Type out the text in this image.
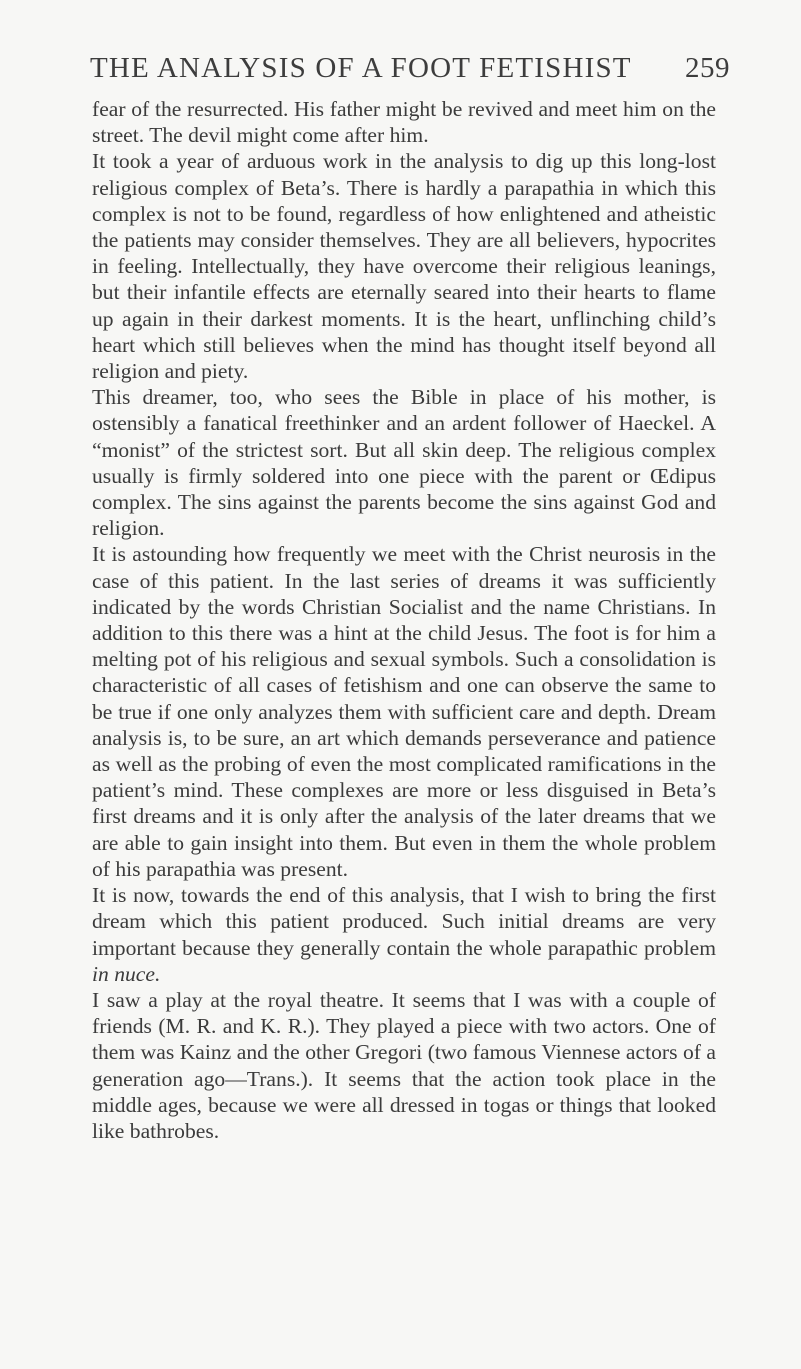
THE ANALYSIS OF A FOOT FETISHIST 259

fear of the resurrected. His father might be revived and meet him on the street. The devil might come after him.

It took a year of arduous work in the analysis to dig up this long-lost religious complex of Beta’s. There is hardly a parapathia in which this complex is not to be found, regardless of how enlightened and atheistic the patients may consider themselves. They are all believers, hypocrites in feeling. Intellectually, they have overcome their religious leanings, but their infantile effects are eternally seared into their hearts to flame up again in their darkest moments. It is the heart, unflinching child’s heart which still believes when the mind has thought itself beyond all religion and piety.

This dreamer, too, who sees the Bible in place of his mother, is ostensibly a fanatical freethinker and an ardent follower of Haeckel. A “monist” of the strictest sort. But all skin deep. The religious complex usually is firmly soldered into one piece with the parent or Œdipus complex. The sins against the parents become the sins against God and religion.

It is astounding how frequently we meet with the Christ neurosis in the case of this patient. In the last series of dreams it was sufficiently indicated by the words Christian Socialist and the name Christians. In addition to this there was a hint at the child Jesus. The foot is for him a melting pot of his religious and sexual symbols. Such a consolidation is characteristic of all cases of fetishism and one can observe the same to be true if one only analyzes them with sufficient care and depth. Dream analysis is, to be sure, an art which demands perseverance and patience as well as the probing of even the most complicated ramifications in the patient’s mind. These complexes are more or less disguised in Beta’s first dreams and it is only after the analysis of the later dreams that we are able to gain insight into them. But even in them the whole problem of his parapathia was present.

It is now, towards the end of this analysis, that I wish to bring the first dream which this patient produced. Such initial dreams are very important because they generally contain the whole parapathic problem in nuce.

I saw a play at the royal theatre. It seems that I was with a couple of friends (M. R. and K. R.). They played a piece with two actors. One of them was Kainz and the other Gregori (two famous Viennese actors of a generation ago—Trans.). It seems that the action took place in the middle ages, because we were all dressed in togas or things that looked like bathrobes.
